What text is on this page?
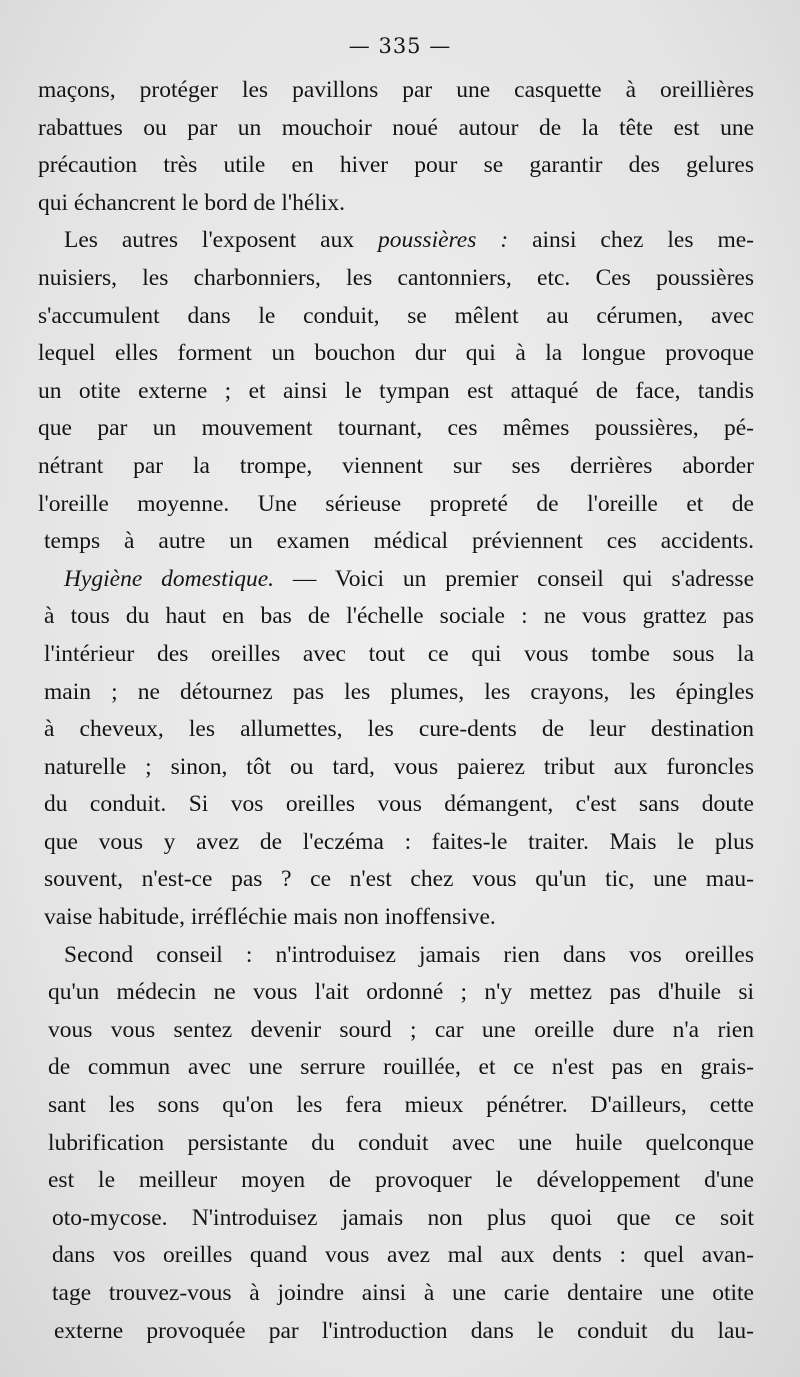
— 335 —
maçons, protéger les pavillons par une casquette à oreillières
rabattues ou par un mouchoir noué autour de la tête est une
précaution très utile en hiver pour se garantir des gelures
qui échancrent le bord de l'hélix.
Les autres l'exposent aux poussières : ainsi chez les me-
nuisiers, les charbonniers, les cantonniers, etc. Ces poussières
s'accumulent dans le conduit, se mêlent au cérumen, avec
lequel elles forment un bouchon dur qui à la longue provoque
un otite externe ; et ainsi le tympan est attaqué de face, tandis
que par un mouvement tournant, ces mêmes poussières, pé-
nétrant par la trompe, viennent sur ses derrières aborder
l'oreille moyenne. Une sérieuse propreté de l'oreille et de
temps à autre un examen médical préviennent ces accidents.
Hygiène domestique. — Voici un premier conseil qui s'adresse
à tous du haut en bas de l'échelle sociale : ne vous grattez pas
l'intérieur des oreilles avec tout ce qui vous tombe sous la
main ; ne détournez pas les plumes, les crayons, les épingles
à cheveux, les allumettes, les cure-dents de leur destination
naturelle ; sinon, tôt ou tard, vous paierez tribut aux furoncles
du conduit. Si vos oreilles vous démangent, c'est sans doute
que vous y avez de l'eczéma : faites-le traiter. Mais le plus
souvent, n'est-ce pas ? ce n'est chez vous qu'un tic, une mau-
vaise habitude, irréfléchie mais non inoffensive.
Second conseil : n'introduisez jamais rien dans vos oreilles
qu'un médecin ne vous l'ait ordonné ; n'y mettez pas d'huile si
vous vous sentez devenir sourd ; car une oreille dure n'a rien
de commun avec une serrure rouillée, et ce n'est pas en grais-
sant les sons qu'on les fera mieux pénétrer. D'ailleurs, cette
lubrification persistante du conduit avec une huile quelconque
est le meilleur moyen de provoquer le développement d'une
oto-mycose. N'introduisez jamais non plus quoi que ce soit
dans vos oreilles quand vous avez mal aux dents : quel avan-
tage trouvez-vous à joindre ainsi à une carie dentaire une otite
externe provoquée par l'introduction dans le conduit du lau-
